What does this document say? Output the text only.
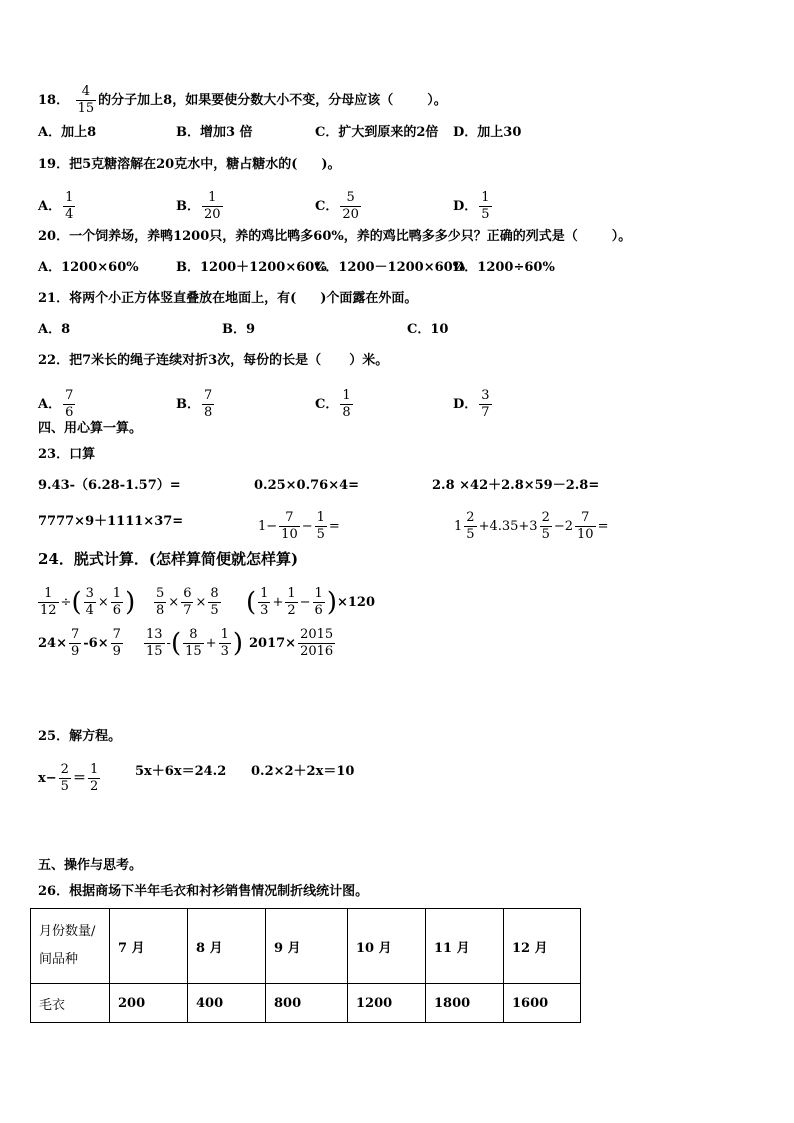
18． $\frac{4}{15}$ 的分子加上8，如果要使分数大小不变，分母应该（	）。
A．加上8	B．增加3 倍	C．扩大到原来的2倍 D．加上30
19．把5克糖溶解在20克水中，糖占糖水的( )。
A． $\frac{1}{4}$	B． $\frac{1}{20}$	C． $\frac{5}{20}$	D． $\frac{1}{5}$
20．一个饲养场，养鸭1200只，养的鸡比鸭多60%，养的鸡比鸭多多少只？正确的列式是（	）。
A．1200×60%	B．1200＋1200×60%
C．1200－1200×60%
D．1200÷60%
21．将两个小正方体竖直叠放在地面上，有( )个面露在外面。
A．8	B．9	C．10
22．把7米长的绳子连续对折3次，每份的长是（ ）米。
A． $\frac{7}{6}$	B． $\frac{7}{8}$	C． $\frac{1}{8}$	D． $\frac{3}{7}$
四、用心算一算。
23．口算
9.43-（6.28-1.57）=	0.25×0.76×4=	2.8 ×42＋2.8×59－2.8=
7777×9＋1111×37=	$1- \frac{7}{10} - \frac{1}{5}$ =	$1 \frac{2}{5} +4.35+3 \frac{2}{5} -2 \frac{7}{10}$ =
24．脱式计算．(怎样算简便就怎样算)
$\frac{1}{12}$ ÷( $\frac{3}{4} \times \frac{1}{6}$ ) $\frac{5}{8} \times \frac{6}{7} \times \frac{8}{5}$ ( $\frac{1}{3} + \frac{1}{2} - \frac{1}{6} )\times 120$
$24\times \frac{7}{9} -6\times \frac{7}{9} \frac{13}{15}$ -( $\frac{8}{15} + \frac{1}{3}$ ) $2017\times \frac{2015}{2016}$
25．解方程。
$x- \frac{2}{5} = \frac{1}{2}$	5x＋6x＝24.2 0.2×2＋2x＝10
五、操作与思考。
26．根据商场下半年毛衣和衬衫销售情况制折线统计图。
月份数量/
间品种	7 月	8 月	9 月	10 月	11 月	12 月
毛衣	200	400	800	1200	1800	1600
